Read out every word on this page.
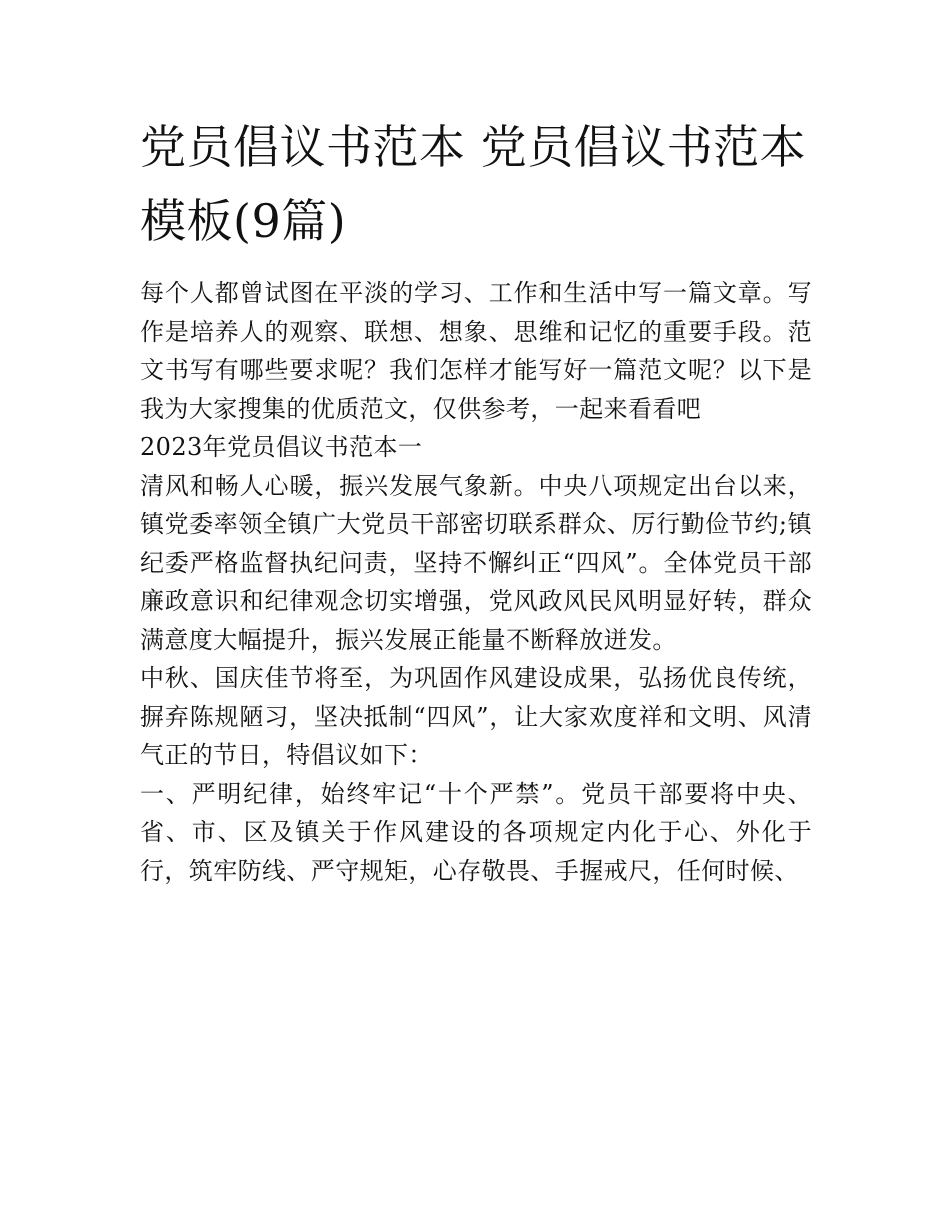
党员倡议书范本 党员倡议书范本模板(9篇)

每个人都曾试图在平淡的学习、工作和生活中写一篇文章。写作是培养人的观察、联想、想象、思维和记忆的重要手段。范文书写有哪些要求呢？我们怎样才能写好一篇范文呢？以下是我为大家搜集的优质范文，仅供参考，一起来看看吧

2023年党员倡议书范本一

清风和畅人心暖，振兴发展气象新。中央八项规定出台以来，镇党委率领全镇广大党员干部密切联系群众、厉行勤俭节约;镇纪委严格监督执纪问责，坚持不懈纠正“四风”。全体党员干部廉政意识和纪律观念切实增强，党风政风民风明显好转，群众满意度大幅提升，振兴发展正能量不断释放迸发。

中秋、国庆佳节将至，为巩固作风建设成果，弘扬优良传统，摒弃陈规陋习，坚决抵制“四风”，让大家欢度祥和文明、风清气正的节日，特倡议如下：

一、严明纪律，始终牢记“十个严禁”。党员干部要将中央、省、市、区及镇关于作风建设的各项规定内化于心、外化于行，筑牢防线、严守规矩，心存敬畏、手握戒尺，任何时候、
